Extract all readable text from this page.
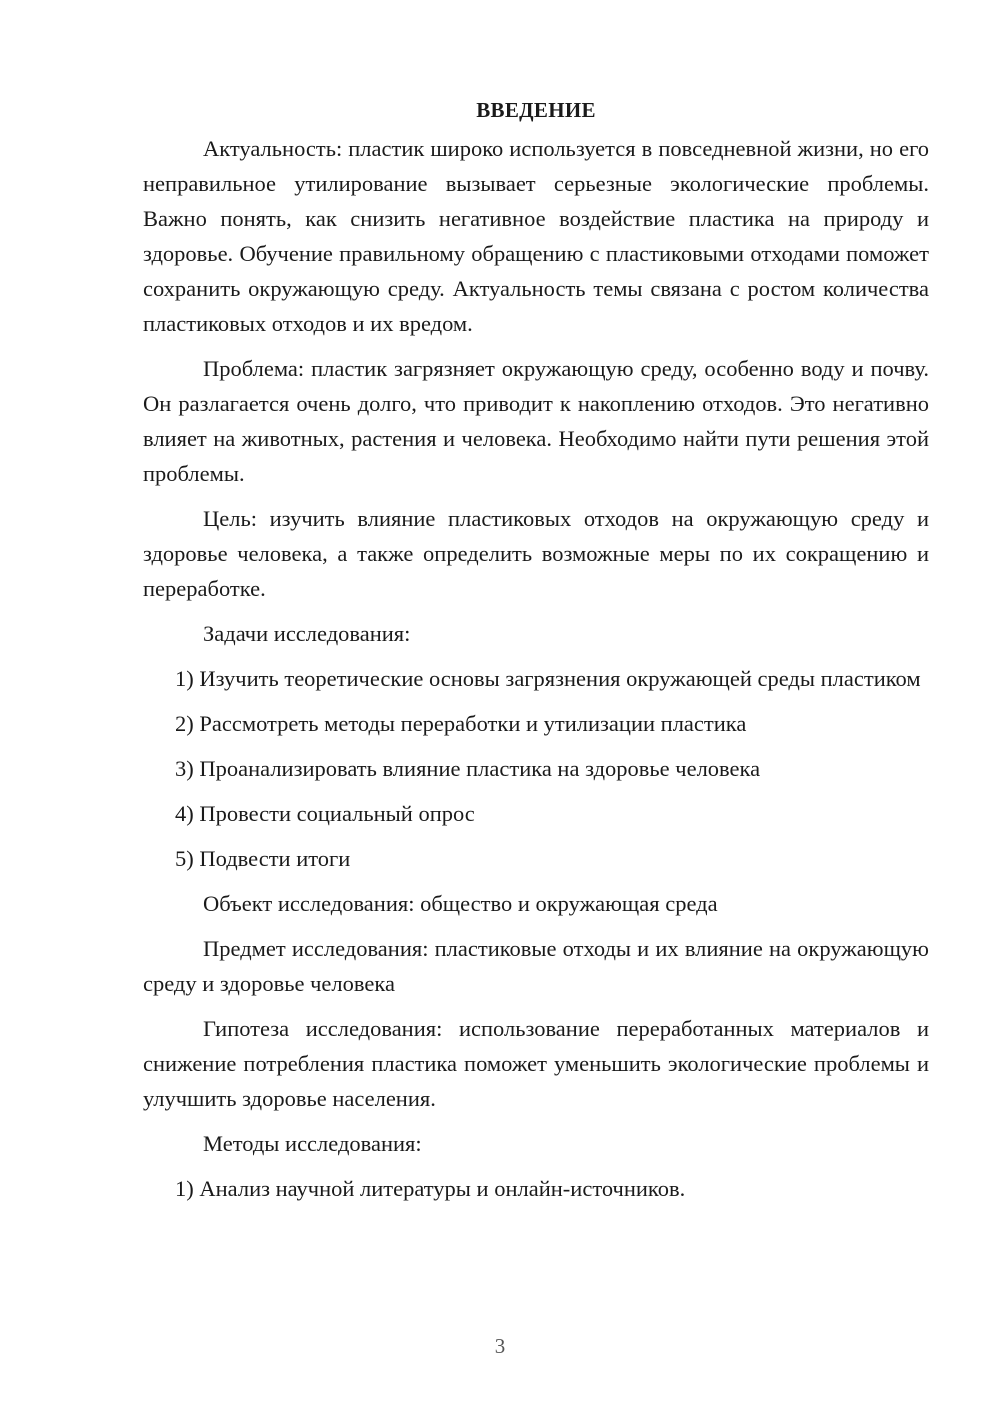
ВВЕДЕНИЕ

Актуальность: пластик широко используется в повседневной жизни, но его неправильное утилирование вызывает серьезные экологические проблемы. Важно понять, как снизить негативное воздействие пластика на природу и здоровье. Обучение правильному обращению с пластиковыми отходами поможет сохранить окружающую среду. Актуальность темы связана с ростом количества пластиковых отходов и их вредом.

Проблема: пластик загрязняет окружающую среду, особенно воду и почву. Он разлагается очень долго, что приводит к накоплению отходов. Это негативно влияет на животных, растения и человека. Необходимо найти пути решения этой проблемы.

Цель: изучить влияние пластиковых отходов на окружающую среду и здоровье человека, а также определить возможные меры по их сокращению и переработке.

Задачи исследования:

1) Изучить теоретические основы загрязнения окружающей среды пластиком

2) Рассмотреть методы переработки и утилизации пластика

3) Проанализировать влияние пластика на здоровье человека

4) Провести социальный опрос

5) Подвести итоги

Объект исследования: общество и окружающая среда

Предмет исследования: пластиковые отходы и их влияние на окружающую среду и здоровье человека

Гипотеза исследования: использование переработанных материалов и снижение потребления пластика поможет уменьшить экологические проблемы и улучшить здоровье населения.

Методы исследования:

1) Анализ научной литературы и онлайн-источников.

3
